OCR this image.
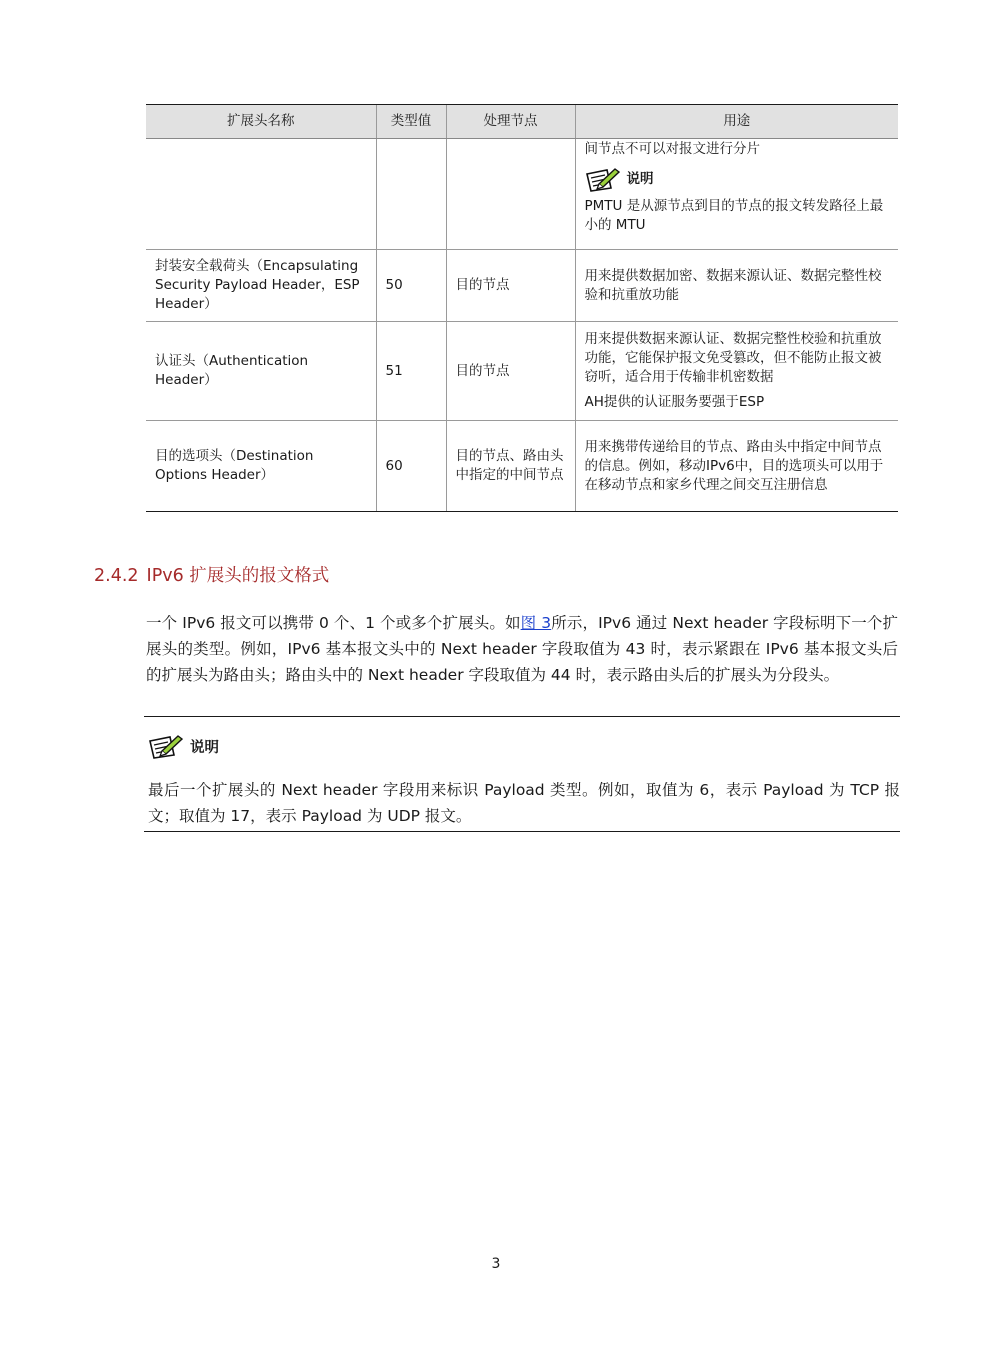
扩展头名称	类型值	处理节点	用途

			间节点不可以对报文进行分片

说明

PMTU 是从源节点到目的节点的报文转发路径上最小的 MTU

封装安全载荷头（Encapsulating Security Payload Header，ESP Header）	50	目的节点	用来提供数据加密、数据来源认证、数据完整性校验和抗重放功能

认证头（Authentication Header）	51	目的节点	用来提供数据来源认证、数据完整性校验和抗重放功能，它能保护报文免受篡改，但不能防止报文被窃听，适合用于传输非机密数据

AH提供的认证服务要强于ESP

目的选项头（Destination Options Header）	60	目的节点、路由头中指定的中间节点	用来携带传递给目的节点、路由头中指定中间节点的信息。例如，移动IPv6中，目的选项头可以用于在移动节点和家乡代理之间交互注册信息

2.4.2 IPv6 扩展头的报文格式

一个 IPv6 报文可以携带 0 个、1 个或多个扩展头。如图 3所示，IPv6 通过 Next header 字段标明下一个扩展头的类型。例如，IPv6 基本报文头中的 Next header 字段取值为 43 时，表示紧跟在 IPv6 基本报文头后的扩展头为路由头；路由头中的 Next header 字段取值为 44 时，表示路由头后的扩展头为分段头。

说明

最后一个扩展头的 Next header 字段用来标识 Payload 类型。例如，取值为 6，表示 Payload 为 TCP 报文；取值为 17，表示 Payload 为 UDP 报文。

3
